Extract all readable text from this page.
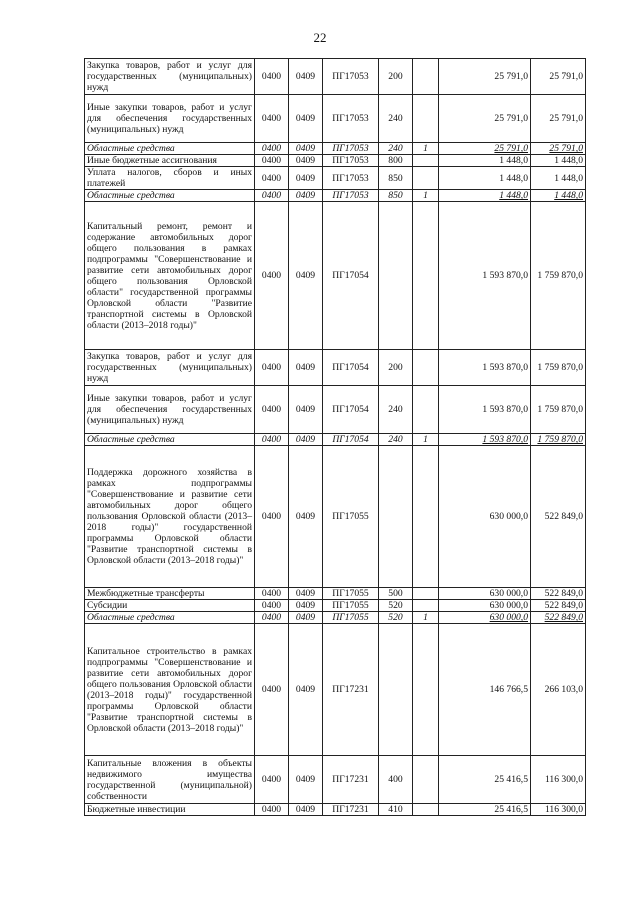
22
Закупка товаров, работ и услуг для государственных (муниципальных) нужд	0400	0409	ПГ17053	200		25 791,0	25 791,0
Иные закупки товаров, работ и услуг для обеспечения государственных (муниципальных) нужд	0400	0409	ПГ17053	240		25 791,0	25 791,0
Областные средства	0400	0409	ПГ17053	240	1	25 791,0	25 791,0
Иные бюджетные ассигнования	0400	0409	ПГ17053	800		1 448,0	1 448,0
Уплата налогов, сборов и иных платежей	0400	0409	ПГ17053	850		1 448,0	1 448,0
Областные средства	0400	0409	ПГ17053	850	1	1 448,0	1 448,0
Капитальный ремонт, ремонт и содержание автомобильных дорог общего пользования в рамках подпрограммы "Совершенствование и развитие сети автомобильных дорог общего пользования Орловской области" государственной программы Орловской области "Развитие транспортной системы в Орловской области (2013–2018 годы)"	0400	0409	ПГ17054			1 593 870,0	1 759 870,0
Закупка товаров, работ и услуг для государственных (муниципальных) нужд	0400	0409	ПГ17054	200		1 593 870,0	1 759 870,0
Иные закупки товаров, работ и услуг для обеспечения государственных (муниципальных) нужд	0400	0409	ПГ17054	240		1 593 870,0	1 759 870,0
Областные средства	0400	0409	ПГ17054	240	1	1 593 870,0	1 759 870,0
Поддержка дорожного хозяйства в рамках подпрограммы "Совершенствование и развитие сети автомобильных дорог общего пользования Орловской области (2013–2018 годы)" государственной программы Орловской области "Развитие транспортной системы в Орловской области (2013–2018 годы)"	0400	0409	ПГ17055			630 000,0	522 849,0
Межбюджетные трансферты	0400	0409	ПГ17055	500		630 000,0	522 849,0
Субсидии	0400	0409	ПГ17055	520		630 000,0	522 849,0
Областные средства	0400	0409	ПГ17055	520	1	630 000,0	522 849,0
Капитальное строительство в рамках подпрограммы "Совершенствование и развитие сети автомобильных дорог общего пользования Орловской области (2013–2018 годы)" государственной программы Орловской области "Развитие транспортной системы в Орловской области (2013–2018 годы)"	0400	0409	ПГ17231			146 766,5	266 103,0
Капитальные вложения в объекты недвижимого имущества государственной (муниципальной) собственности	0400	0409	ПГ17231	400		25 416,5	116 300,0
Бюджетные инвестиции	0400	0409	ПГ17231	410		25 416,5	116 300,0
